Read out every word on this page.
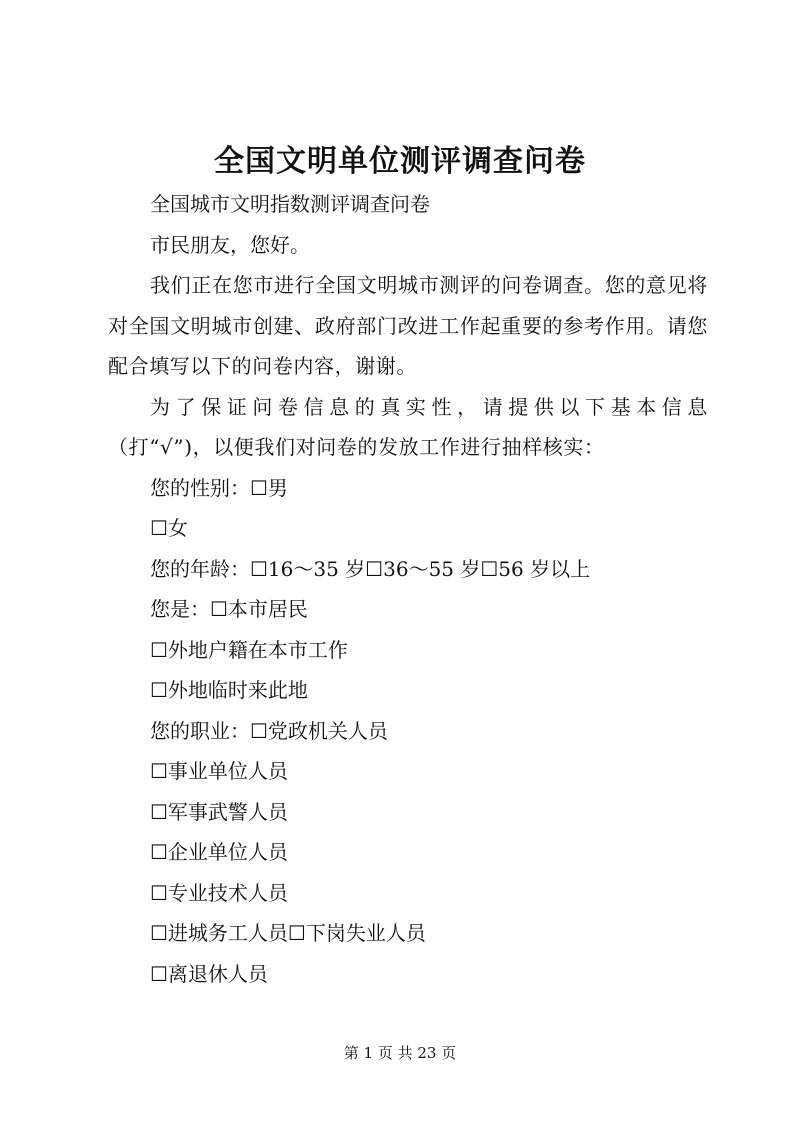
全国文明单位测评调查问卷

全国城市文明指数测评调查问卷

市民朋友，您好。

我们正在您市进行全国文明城市测评的问卷调查。您的意见将对全国文明城市创建、政府部门改进工作起重要的参考作用。请您配合填写以下的问卷内容，谢谢。

为了保证问卷信息的真实性，请提供以下基本信息（打“√”)，以便我们对问卷的发放工作进行抽样核实：

您的性别：☐男

☐女

您的年龄：☐16～35 岁☐36～55 岁☐56 岁以上

您是：☐本市居民

☐外地户籍在本市工作

☐外地临时来此地

您的职业：☐党政机关人员

☐事业单位人员

☐军事武警人员

☐企业单位人员

☐专业技术人员

☐进城务工人员☐下岗失业人员

☐离退休人员

第 1 页 共 23 页
